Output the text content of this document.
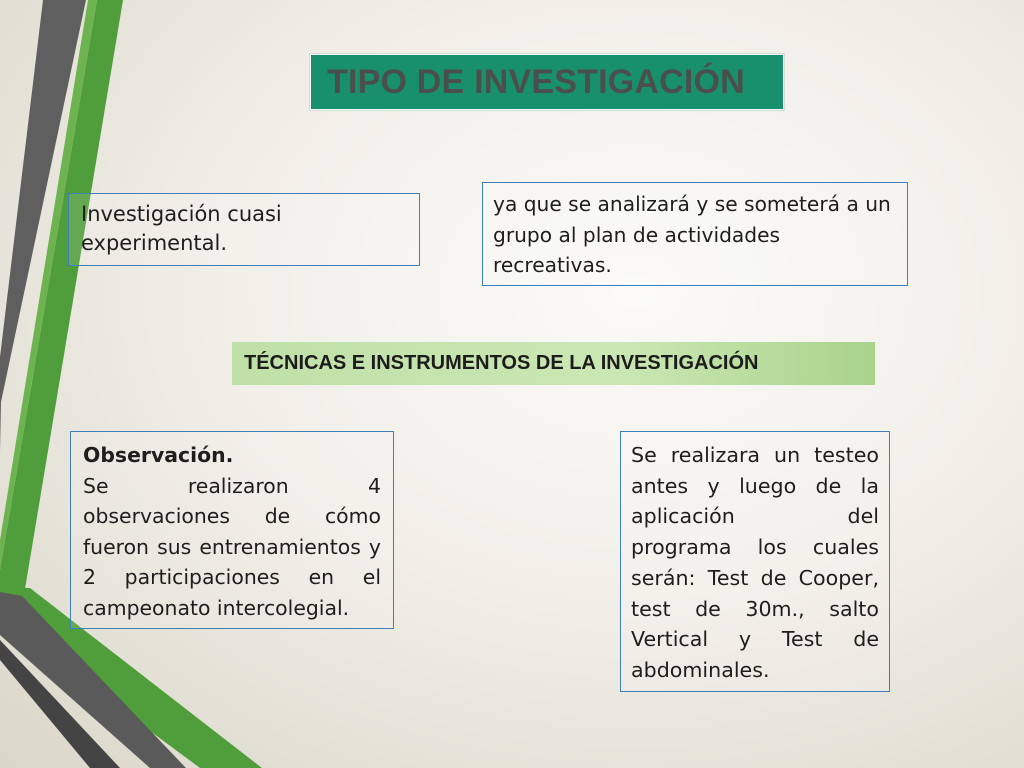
TIPO DE INVESTIGACIÓN
Investigación cuasi experimental.
ya que se analizará y se someterá a un grupo al plan de actividades recreativas.
TÉCNICAS E INSTRUMENTOS DE LA INVESTIGACIÓN
Observación.
Se realizaron 4 observaciones de cómo fueron sus entrenamientos y 2 participaciones en el campeonato intercolegial.
Se realizara un testeo antes y luego de la aplicación del programa los cuales serán: Test de Cooper, test de 30m., salto Vertical y Test de abdominales.
